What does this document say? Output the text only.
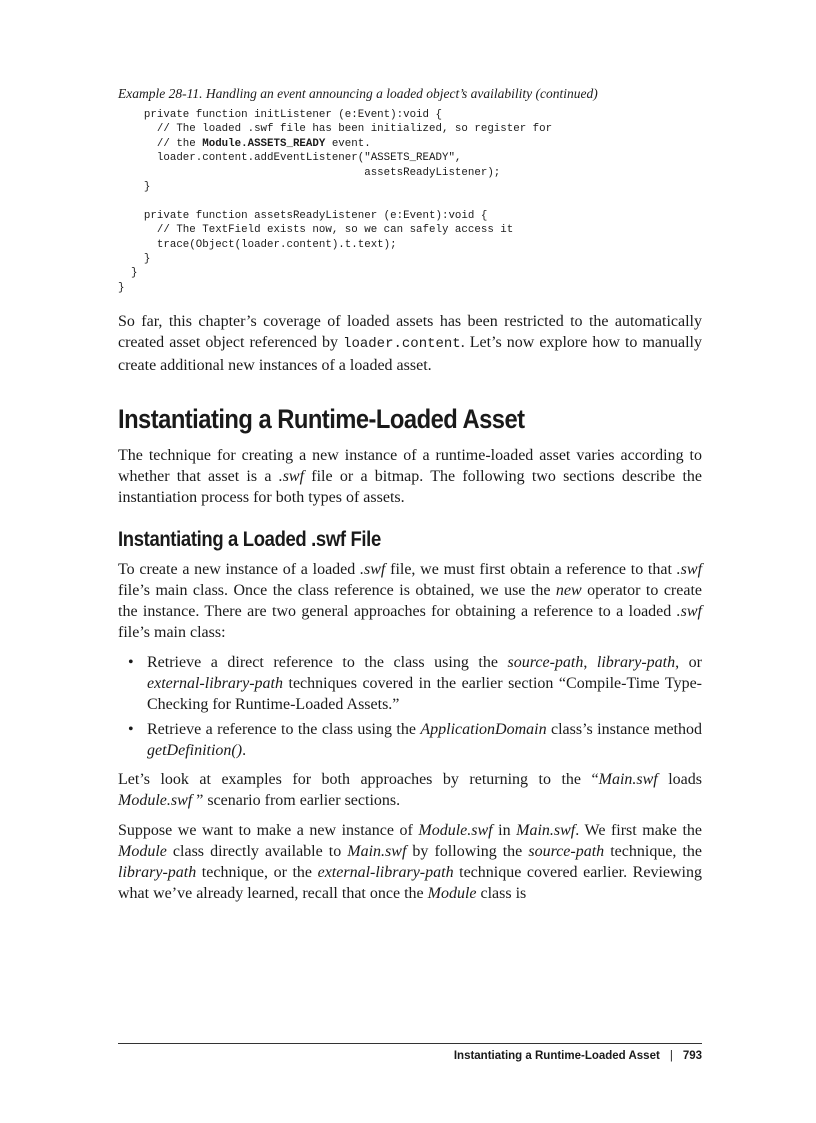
Example 28-11. Handling an event announcing a loaded object’s availability (continued)
private function initListener (e:Event):void {
// The loaded .swf file has been initialized, so register for
// the Module.ASSETS_READY event.
loader.content.addEventListener("ASSETS_READY",
assetsReadyListener);
}

private function assetsReadyListener (e:Event):void {
// The TextField exists now, so we can safely access it
trace(Object(loader.content).t.text);
}
}
}

So far, this chapter’s coverage of loaded assets has been restricted to the automatically created asset object referenced by loader.content. Let’s now explore how to manually create additional new instances of a loaded asset.

Instantiating a Runtime-Loaded Asset

The technique for creating a new instance of a runtime-loaded asset varies according to whether that asset is a .swf file or a bitmap. The following two sections describe the instantiation process for both types of assets.

Instantiating a Loaded .swf File

To create a new instance of a loaded .swf file, we must first obtain a reference to that .swf file’s main class. Once the class reference is obtained, we use the new operator to create the instance. There are two general approaches for obtaining a reference to a loaded .swf file’s main class:

• Retrieve a direct reference to the class using the source-path, library-path, or external-library-path techniques covered in the earlier section “Compile-Time Type-Checking for Runtime-Loaded Assets.”
• Retrieve a reference to the class using the ApplicationDomain class’s instance method getDefinition().

Let’s look at examples for both approaches by returning to the “Main.swf loads Module.swf ” scenario from earlier sections.

Suppose we want to make a new instance of Module.swf in Main.swf. We first make the Module class directly available to Main.swf by following the source-path technique, the library-path technique, or the external-library-path technique covered earlier. Reviewing what we’ve already learned, recall that once the Module class is

Instantiating a Runtime-Loaded Asset | 793
